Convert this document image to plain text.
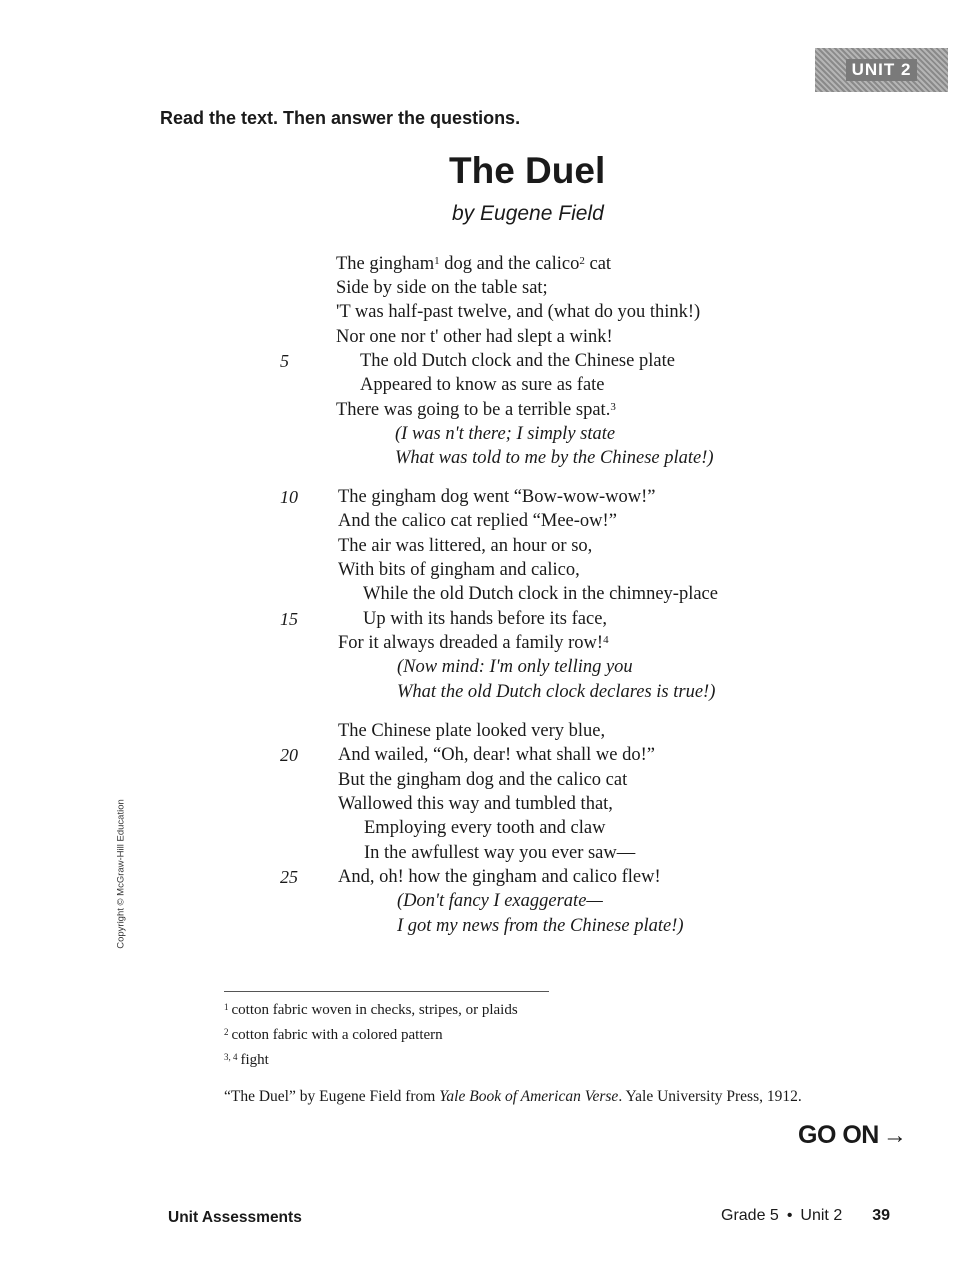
UNIT 2
Read the text. Then answer the questions.
The Duel
by Eugene Field
The gingham$^1$ dog and the calico$^2$ cat
Side by side on the table sat;
'T was half-past twelve, and (what do you think!)
Nor one nor t' other had slept a wink!
The old Dutch clock and the Chinese plate
Appeared to know as sure as fate
There was going to be a terrible spat.$^3$
(I was n't there; I simply state
What was told to me by the Chinese plate!)
The gingham dog went “Bow-wow-wow!”
And the calico cat replied “Mee-ow!”
The air was littered, an hour or so,
With bits of gingham and calico,
While the old Dutch clock in the chimney-place
Up with its hands before its face,
For it always dreaded a family row!$^4$
(Now mind: I'm only telling you
What the old Dutch clock declares is true!)
The Chinese plate looked very blue,
And wailed, “Oh, dear! what shall we do!”
But the gingham dog and the calico cat
Wallowed this way and tumbled that,
Employing every tooth and claw
In the awfullest way you ever saw—
And, oh! how the gingham and calico flew!
(Don't fancy I exaggerate—
I got my news from the Chinese plate!)
5
10
15
20
25
Copyright © McGraw-Hill Education
$^1$ cotton fabric woven in checks, stripes, or plaids
$^2$ cotton fabric with a colored pattern
$^{3, 4}$ fight
“The Duel” by Eugene Field from Yale Book of American Verse. Yale University Press, 1912.
GO ON →
Unit Assessments	Grade 5 • Unit 2 39
